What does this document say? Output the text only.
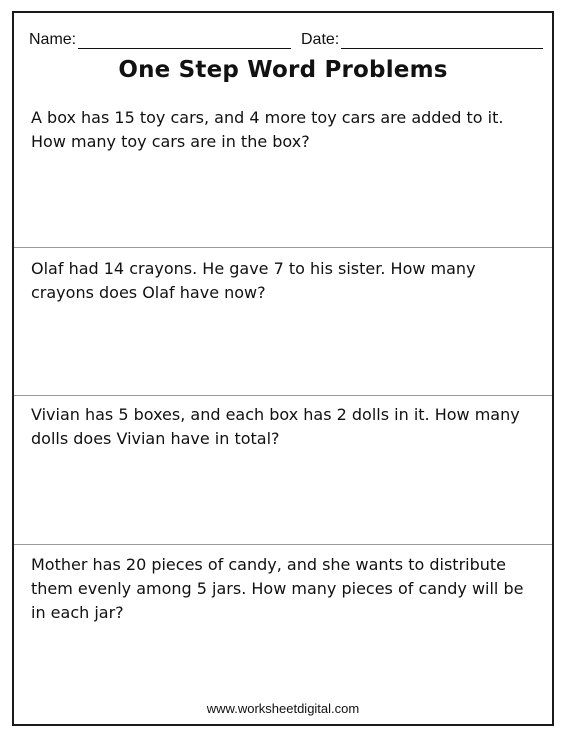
Name:	Date:
One Step Word Problems
A box has 15 toy cars, and 4 more toy cars are added to it. How many toy cars are in the box?
Olaf had 14 crayons. He gave 7 to his sister. How many crayons does Olaf have now?
Vivian has 5 boxes, and each box has 2 dolls in it. How many dolls does Vivian have in total?
Mother has 20 pieces of candy, and she wants to distribute them evenly among 5 jars. How many pieces of candy will be in each jar?
www.worksheetdigital.com
